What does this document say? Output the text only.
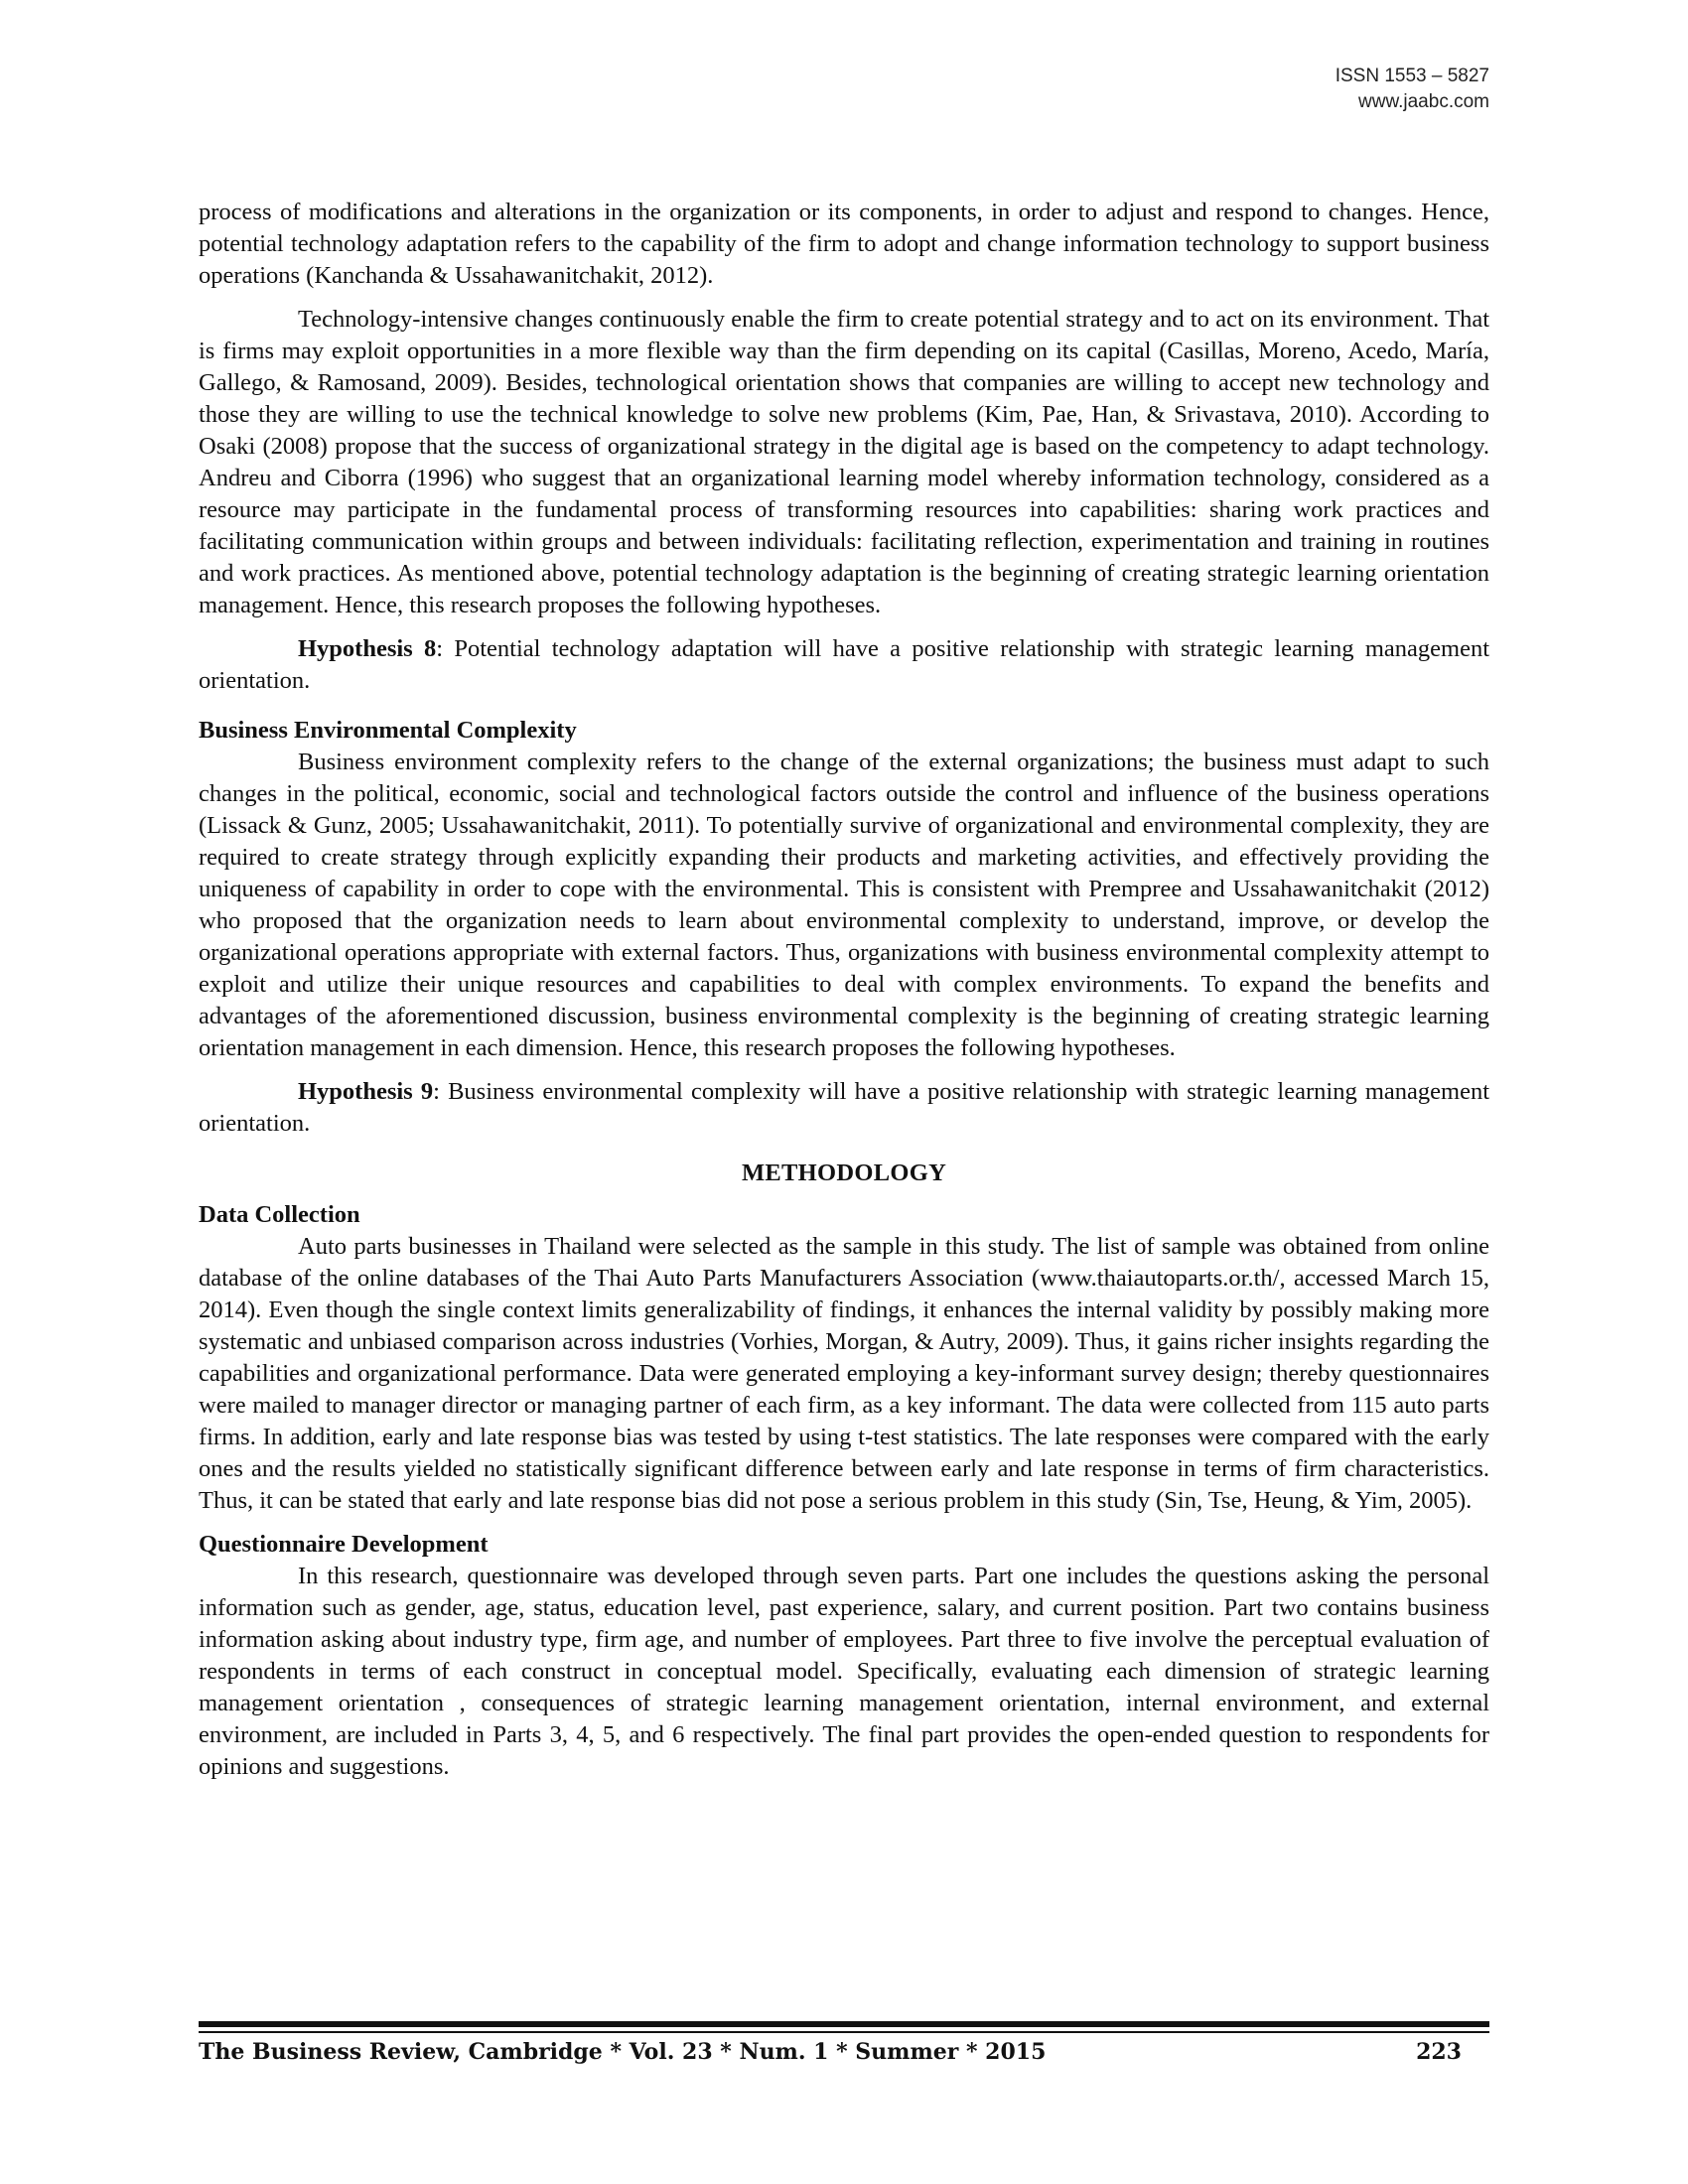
ISSN 1553 – 5827
www.jaabc.com

process of modifications and alterations in the organization or its components, in order to adjust and respond to changes. Hence, potential technology adaptation refers to the capability of the firm to adopt and change information technology to support business operations (Kanchanda & Ussahawanitchakit, 2012).

Technology-intensive changes continuously enable the firm to create potential strategy and to act on its environment. That is firms may exploit opportunities in a more flexible way than the firm depending on its capital (Casillas, Moreno, Acedo, María, Gallego, & Ramosand, 2009). Besides, technological orientation shows that companies are willing to accept new technology and those they are willing to use the technical knowledge to solve new problems (Kim, Pae, Han, & Srivastava, 2010). According to Osaki (2008) propose that the success of organizational strategy in the digital age is based on the competency to adapt technology. Andreu and Ciborra (1996) who suggest that an organizational learning model whereby information technology, considered as a resource may participate in the fundamental process of transforming resources into capabilities: sharing work practices and facilitating communication within groups and between individuals: facilitating reflection, experimentation and training in routines and work practices. As mentioned above, potential technology adaptation is the beginning of creating strategic learning orientation management. Hence, this research proposes the following hypotheses.

Hypothesis 8: Potential technology adaptation will have a positive relationship with strategic learning management orientation.

Business Environmental Complexity

Business environment complexity refers to the change of the external organizations; the business must adapt to such changes in the political, economic, social and technological factors outside the control and influence of the business operations (Lissack & Gunz, 2005; Ussahawanitchakit, 2011). To potentially survive of organizational and environmental complexity, they are required to create strategy through explicitly expanding their products and marketing activities, and effectively providing the uniqueness of capability in order to cope with the environmental. This is consistent with Prempree and Ussahawanitchakit (2012) who proposed that the organization needs to learn about environmental complexity to understand, improve, or develop the organizational operations appropriate with external factors. Thus, organizations with business environmental complexity attempt to exploit and utilize their unique resources and capabilities to deal with complex environments. To expand the benefits and advantages of the aforementioned discussion, business environmental complexity is the beginning of creating strategic learning orientation management in each dimension. Hence, this research proposes the following hypotheses.

Hypothesis 9: Business environmental complexity will have a positive relationship with strategic learning management orientation.

METHODOLOGY
Data Collection

Auto parts businesses in Thailand were selected as the sample in this study. The list of sample was obtained from online database of the online databases of the Thai Auto Parts Manufacturers Association (www.thaiautoparts.or.th/, accessed March 15, 2014). Even though the single context limits generalizability of findings, it enhances the internal validity by possibly making more systematic and unbiased comparison across industries (Vorhies, Morgan, & Autry, 2009). Thus, it gains richer insights regarding the capabilities and organizational performance. Data were generated employing a key-informant survey design; thereby questionnaires were mailed to manager director or managing partner of each firm, as a key informant. The data were collected from 115 auto parts firms. In addition, early and late response bias was tested by using t-test statistics. The late responses were compared with the early ones and the results yielded no statistically significant difference between early and late response in terms of firm characteristics. Thus, it can be stated that early and late response bias did not pose a serious problem in this study (Sin, Tse, Heung, & Yim, 2005).

Questionnaire Development

In this research, questionnaire was developed through seven parts. Part one includes the questions asking the personal information such as gender, age, status, education level, past experience, salary, and current position. Part two contains business information asking about industry type, firm age, and number of employees. Part three to five involve the perceptual evaluation of respondents in terms of each construct in conceptual model. Specifically, evaluating each dimension of strategic learning management orientation , consequences of strategic learning management orientation, internal environment, and external environment, are included in Parts 3, 4, 5, and 6 respectively. The final part provides the open-ended question to respondents for opinions and suggestions.

The Business Review, Cambridge * Vol. 23 * Num. 1 * Summer * 2015	223
